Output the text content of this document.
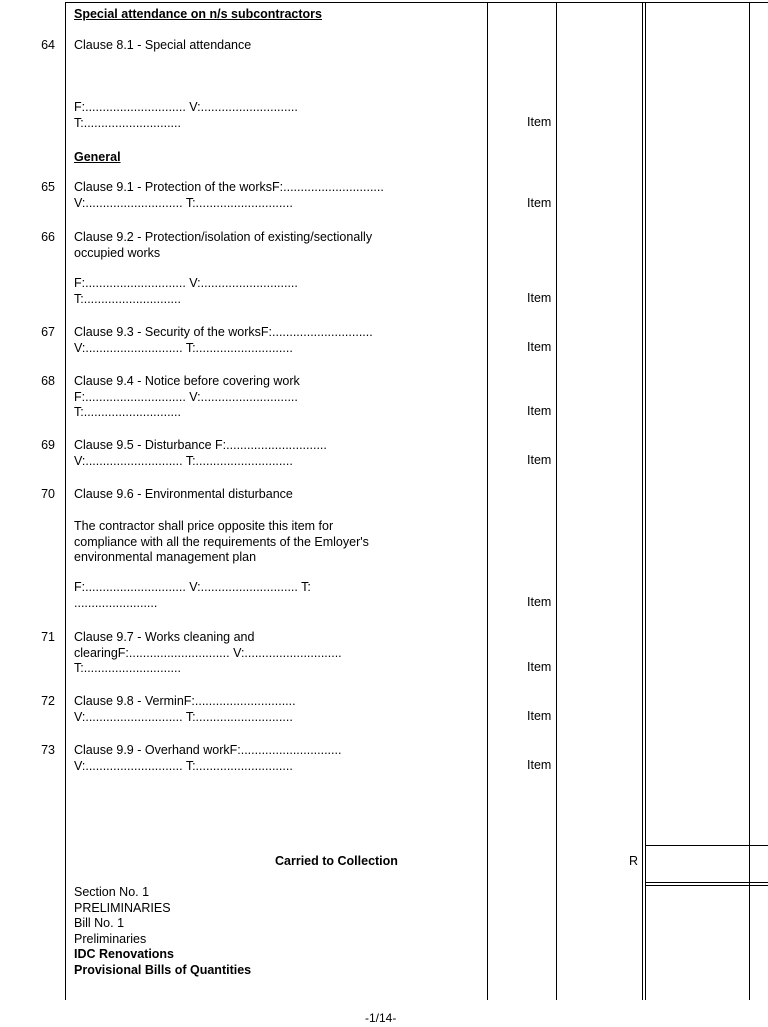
Special attendance on n/s subcontractors
64 Clause 8.1 - Special attendance
F:............................. V:............................
T:............................	Item
General
65 Clause 9.1 - Protection of the worksF:.............................
V:............................ T:............................	Item
66 Clause 9.2 - Protection/isolation of existing/sectionally
occupied works
F:............................. V:............................
T:............................	Item
67 Clause 9.3 - Security of the worksF:.............................
V:............................ T:............................	Item
68 Clause 9.4 - Notice before covering work
F:............................. V:............................
T:............................	Item
69 Clause 9.5 - Disturbance F:.............................
V:............................ T:............................	Item
70 Clause 9.6 - Environmental disturbance
The contractor shall price opposite this item for
compliance with all the requirements of the Emloyer's
environmental management plan
F:............................. V:............................ T:
........................	Item
71 Clause 9.7 - Works cleaning and
clearingF:............................. V:............................
T:............................	Item
72 Clause 9.8 - VerminF:.............................
V:............................ T:............................	Item
73 Clause 9.9 - Overhand workF:.............................
V:............................ T:............................	Item
Carried to Collection	R
Section No. 1
PRELIMINARIES
Bill No. 1
Preliminaries
IDC Renovations
Provisional Bills of Quantities
-1/14-
